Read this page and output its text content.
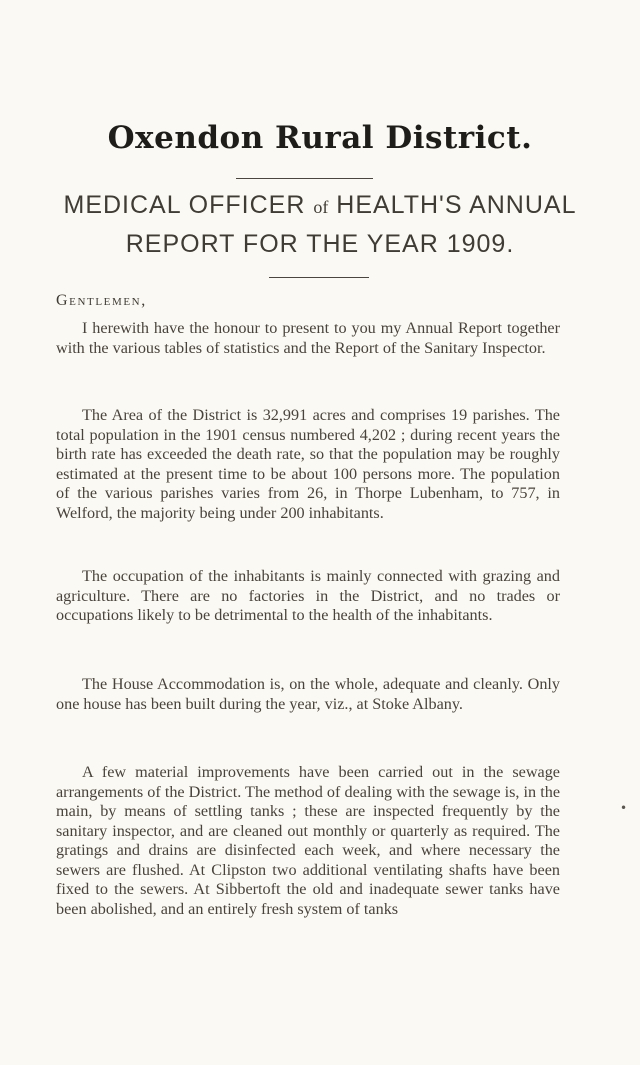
Oxendon Rural District.
MEDICAL OFFICER of HEALTH'S ANNUAL
REPORT FOR THE YEAR 1909.
Gentlemen,

I herewith have the honour to present to you my Annual Report together with the various tables of statistics and the Report of the Sanitary Inspector.

The Area of the District is 32,991 acres and comprises 19 parishes. The total population in the 1901 census numbered 4,202 ; during recent years the birth rate has exceeded the death rate, so that the population may be roughly estimated at the present time to be about 100 persons more. The population of the various parishes varies from 26, in Thorpe Lubenham, to 757, in Welford, the majority being under 200 inhabitants.

The occupation of the inhabitants is mainly connected with grazing and agriculture. There are no factories in the District, and no trades or occupations likely to be detrimental to the health of the inhabitants.

The House Accommodation is, on the whole, adequate and cleanly. Only one house has been built during the year, viz., at Stoke Albany.

A few material improvements have been carried out in the sewage arrangements of the District. The method of dealing with the sewage is, in the main, by means of settling tanks ; these are inspected frequently by the sanitary inspector, and are cleaned out monthly or quarterly as required. The gratings and drains are disinfected each week, and where necessary the sewers are flushed. At Clipston two additional ventilating shafts have been fixed to the sewers. At Sibbertoft the old and inadequate sewer tanks have been abolished, and an entirely fresh system of tanks

•
